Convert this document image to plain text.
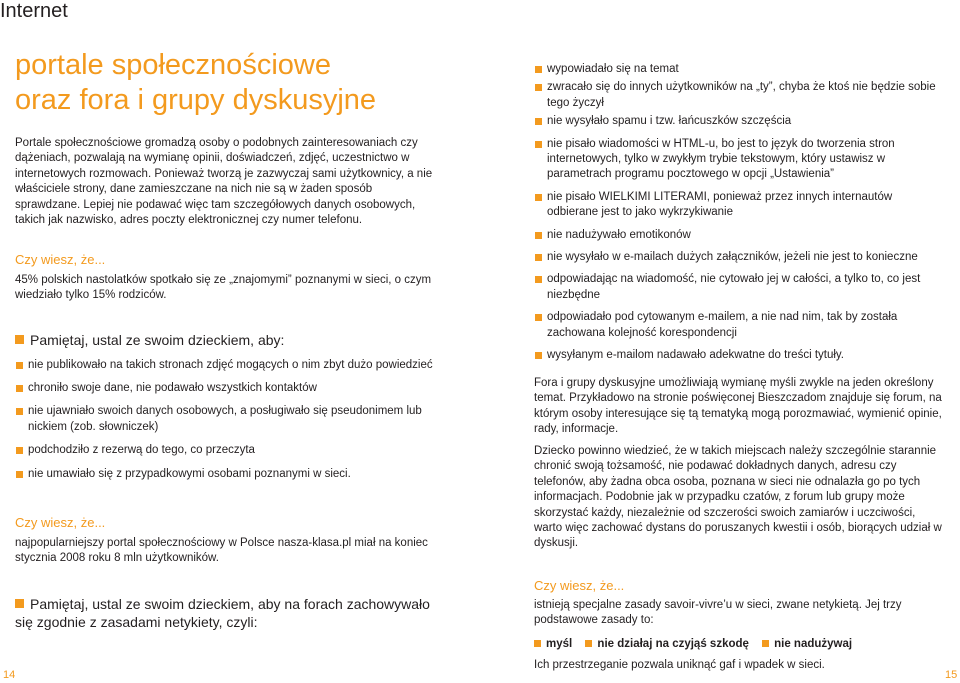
Internet
portale społecznościowe
oraz fora i grupy dyskusyjne
Portale społecznościowe gromadzą osoby o podobnych zainteresowaniach czy dążeniach, pozwalają na wymianę opinii, doświadczeń, zdjęć, uczestnictwo w internetowych rozmowach. Ponieważ tworzą je zazwyczaj sami użytkownicy, a nie właściciele strony, dane zamieszczane na nich nie są w żaden sposób sprawdzane. Lepiej nie podawać więc tam szczegółowych danych osobowych, takich jak nazwisko, adres poczty elektronicznej czy numer telefonu.
Czy wiesz, że...
45% polskich nastolatków spotkało się ze „znajomymi” poznanymi w sieci, o czym wiedziało tylko 15% rodziców.
Pamiętaj, ustal ze swoim dzieckiem, aby:
nie publikowało na takich stronach zdjęć mogących o nim zbyt dużo powiedzieć
chroniło swoje dane, nie podawało wszystkich kontaktów
nie ujawniało swoich danych osobowych, a posługiwało się pseudonimem lub nickiem (zob. słowniczek)
podchodziło z rezerwą do tego, co przeczyta
nie umawiało się z przypadkowymi osobami poznanymi w sieci.
Czy wiesz, że...
najpopularniejszy portal społecznościowy w Polsce nasza-klasa.pl miał na koniec stycznia 2008 roku 8 mln użytkowników.
Pamiętaj, ustal ze swoim dzieckiem, aby na forach zachowywało się zgodnie z zasadami netykiety, czyli:
14
wypowiadało się na temat
zwracało się do innych użytkowników na „ty”, chyba że ktoś nie będzie sobie tego życzył
nie wysyłało spamu i tzw. łańcuszków szczęścia
nie pisało wiadomości w HTML-u, bo jest to język do tworzenia stron internetowych, tylko w zwykłym trybie tekstowym, który ustawisz w parametrach programu pocztowego w opcji „Ustawienia”
nie pisało WIELKIMI LITERAMI, ponieważ przez innych internautów odbierane jest to jako wykrzykiwanie
nie nadużywało emotikonów
nie wysyłało w e-mailach dużych załączników, jeżeli nie jest to konieczne
odpowiadając na wiadomość, nie cytowało jej w całości, a tylko to, co jest niezbędne
odpowiadało pod cytowanym e-mailem, a nie nad nim, tak by została zachowana kolejność korespondencji
wysyłanym e-mailom nadawało adekwatne do treści tytuły.
Fora i grupy dyskusyjne umożliwiają wymianę myśli zwykle na jeden określony temat. Przykładowo na stronie poświęconej Bieszczadom znajduje się forum, na którym osoby interesujące się tą tematyką mogą porozmawiać, wymienić opinie, rady, informacje.
Dziecko powinno wiedzieć, że w takich miejscach należy szczególnie starannie chronić swoją tożsamość, nie podawać dokładnych danych, adresu czy telefonów, aby żadna obca osoba, poznana w sieci nie odnalazła go po tych informacjach. Podobnie jak w przypadku czatów, z forum lub grupy może skorzystać każdy, niezależnie od szczerości swoich zamiarów i uczciwości, warto więc zachować dystans do poruszanych kwestii i osób, biorących udział w dyskusji.
Czy wiesz, że...
istnieją specjalne zasady savoir-vivre’u w sieci, zwane netykietą. Jej trzy podstawowe zasady to:
myśl nie działaj na czyjąś szkodę nie nadużywaj
Ich przestrzeganie pozwala uniknąć gaf i wpadek w sieci.
15
